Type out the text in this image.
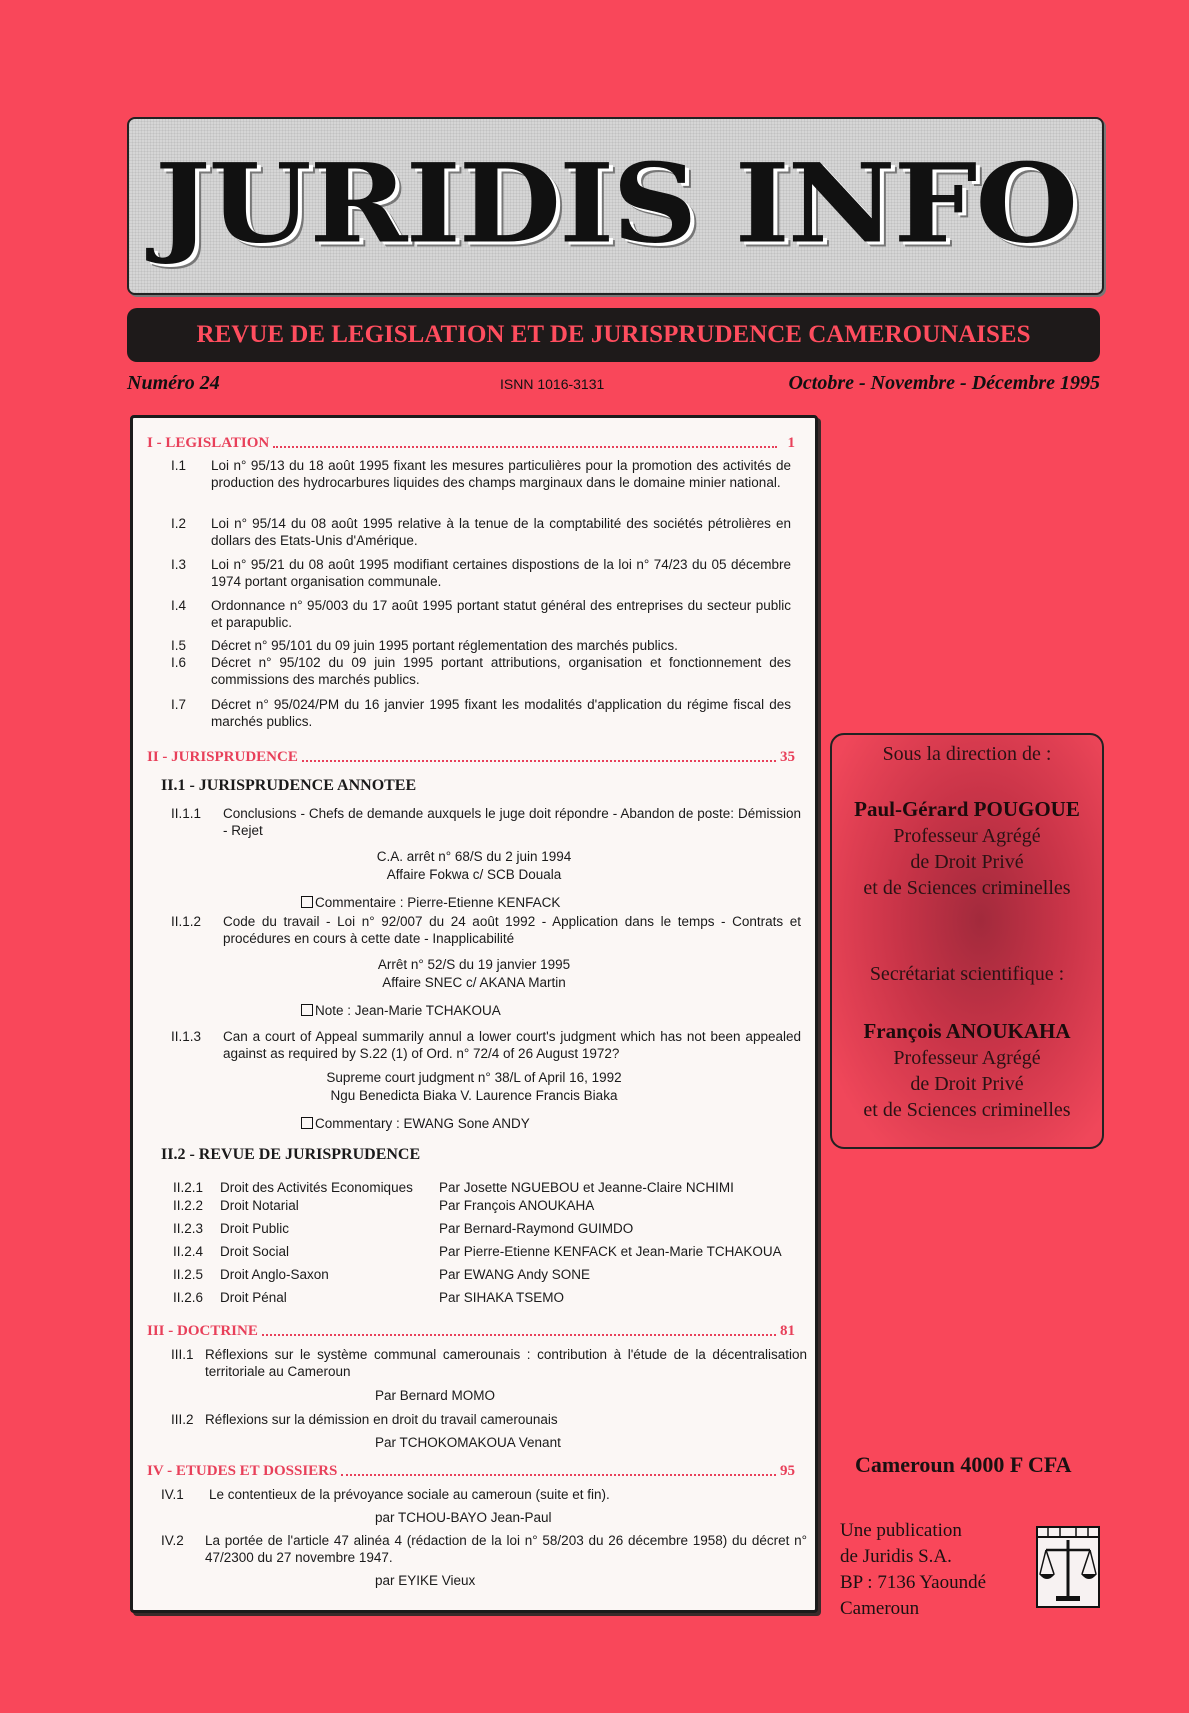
JURIDIS INFO
REVUE DE LEGISLATION ET DE JURISPRUDENCE CAMEROUNAISES
Numéro 24	ISNN 1016-3131	Octobre - Novembre - Décembre 1995
I - LEGISLATION	1
I.1 Loi n° 95/13 du 18 août 1995 fixant les mesures particulières pour la promotion des activités de production des hydrocarbures liquides des champs marginaux dans le domaine minier national.
I.2 Loi n° 95/14 du 08 août 1995 relative à la tenue de la comptabilité des sociétés pétrolières en dollars des Etats-Unis d'Amérique.
I.3 Loi n° 95/21 du 08 août 1995 modifiant certaines dispostions de la loi n° 74/23 du 05 décembre 1974 portant organisation communale.
I.4 Ordonnance n° 95/003 du 17 août 1995 portant statut général des entreprises du secteur public et parapublic.
I.5 Décret n° 95/101 du 09 juin 1995 portant réglementation des marchés publics.
I.6 Décret n° 95/102 du 09 juin 1995 portant attributions, organisation et fonctionnement des commissions des marchés publics.
I.7 Décret n° 95/024/PM du 16 janvier 1995 fixant les modalités d'application du régime fiscal des marchés publics.
II - JURISPRUDENCE	35
II.1 - JURISPRUDENCE ANNOTEE
II.1.1 Conclusions - Chefs de demande auxquels le juge doit répondre - Abandon de poste: Démission - Rejet
C.A. arrêt n° 68/S du 2 juin 1994
Affaire Fokwa c/ SCB Douala
Commentaire : Pierre-Etienne KENFACK
II.1.2 Code du travail - Loi n° 92/007 du 24 août 1992 - Application dans le temps - Contrats et procédures en cours à cette date - Inapplicabilité
Arrêt n° 52/S du 19 janvier 1995
Affaire SNEC c/ AKANA Martin
Note : Jean-Marie TCHAKOUA
II.1.3 Can a court of Appeal summarily annul a lower court's judgment which has not been appealed against as required by S.22 (1) of Ord. n° 72/4 of 26 August 1972?
Supreme court judgment n° 38/L of April 16, 1992
Ngu Benedicta Biaka V. Laurence Francis Biaka
Commentary : EWANG Sone ANDY
II.2 - REVUE DE JURISPRUDENCE
II.2.1 Droit des Activités Economiques Par Josette NGUEBOU et Jeanne-Claire NCHIMI
II.2.2 Droit Notarial	Par François ANOUKAHA
II.2.3 Droit Public	Par Bernard-Raymond GUIMDO
II.2.4 Droit Social	Par Pierre-Etienne KENFACK et Jean-Marie TCHAKOUA
II.2.5 Droit Anglo-Saxon	Par EWANG Andy SONE
II.2.6 Droit Pénal	Par SIHAKA TSEMO
III - DOCTRINE	81
III.1 Réflexions sur le système communal camerounais : contribution à l'étude de la décentralisation territoriale au Cameroun
Par Bernard MOMO
III.2 Réflexions sur la démission en droit du travail camerounais
Par TCHOKOMAKOUA Venant
IV - ETUDES ET DOSSIERS	95
IV.1 Le contentieux de la prévoyance sociale au cameroun (suite et fin).
par TCHOU-BAYO Jean-Paul
IV.2 La portée de l'article 47 alinéa 4 (rédaction de la loi n° 58/203 du 26 décembre 1958) du décret n° 47/2300 du 27 novembre 1947.
par EYIKE Vieux
Sous la direction de :
Paul-Gérard POUGOUE
Professeur Agrégé
de Droit Privé
et de Sciences criminelles
Secrétariat scientifique :
François ANOUKAHA
Professeur Agrégé
de Droit Privé
et de Sciences criminelles
Cameroun 4000 F CFA
Une publication
de Juridis S.A.
BP : 7136 Yaoundé
Cameroun
